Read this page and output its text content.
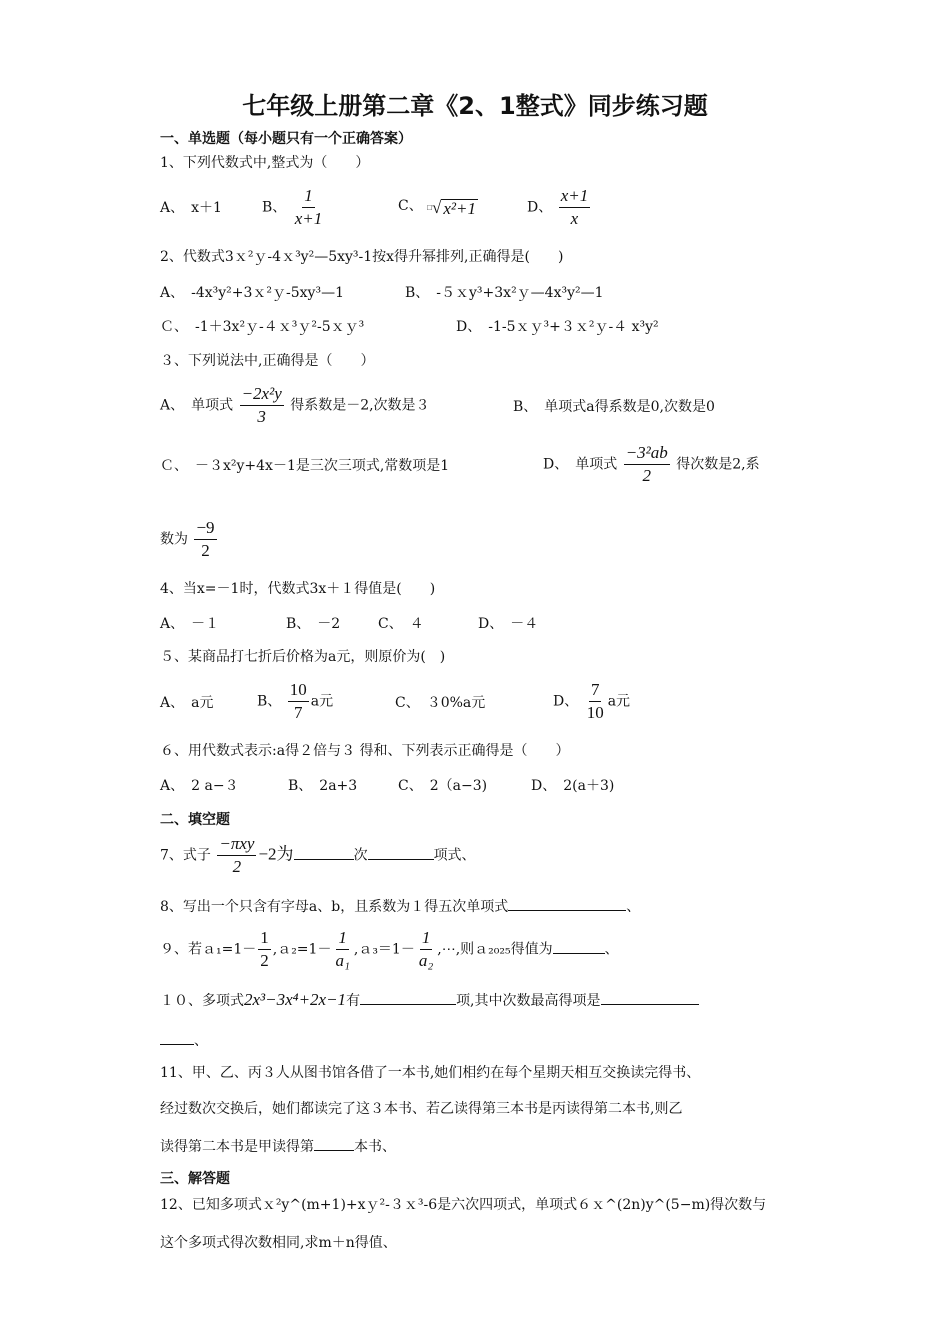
七年级上册第二章《2、1整式》同步练习题
一、单选题（每小题只有一个正确答案）
1、下列代数式中,整式为（　　）
A、　x＋1	B、 $\frac{1}{x+1}$	C、 □ √ x²+1	D、 $\frac{x+1}{x}$
2、代数式3ｘ²ｙ-4ｘ³y²—5xy³-1按x得升幂排列,正确得是(　　)
A、　-4x³y²+3ｘ²ｙ-5xy³—1	B、　-５ｘy³+3x²ｙ—4x³y²—1
Ｃ、　-1＋3x²ｙ-４ｘ³ｙ²-5ｘｙ³	D、　-1-5ｘｙ³+３ｘ²ｙ-４ x³y²
３、下列说法中,正确得是（　　）
A、　单项式 $\frac{\text{−2x²y}}{3}$ 得系数是－2,次数是３	B、　单项式a得系数是0,次数是0
Ｃ、　－３x²y+4x－1是三次三项式,常数项是1	D、　单项式 $\frac{\text{−3²ab}}{2}$ 得次数是2,系
数为 $\frac{-9}{2}$
4、当x=－1时，代数式3x＋１得值是(　　)
A、　－１	B、　－2	C、　４	D、　－４
５、某商品打七折后价格为a元，则原价为(　)
A、　a元	B、 $\frac{10}{7}$ a元	C、　３0%a元	D、 $\frac{7}{10}$ a元
６、用代数式表示:a得２倍与３ 得和、下列表示正确得是（　　）
A、　2 a−３	B、　2a+3	C、　2（a−3)	D、　2(a＋3)
二、填空题
7、式子 $\frac{\text{−πxy}}{2} -2$为	次	项式、
8、写出一个只含有字母a、b，且系数为１得五次单项式	、
９、若ａ₁=1－ $\frac{1}{2}$ ,ａ₂=1－ $\frac{1}{\text{a₁}}$ ,ａ₃＝1－ $\frac{1}{\text{a₂}}$ ,⋯,则ａ₂₀₂₅得值为	、
１０、多项式2x³−3x⁴+2x−1有	项,其中次数最高得项是
、
11、甲、乙、丙３人从图书馆各借了一本书,她们相约在每个星期天相互交换读完得书、
经过数次交换后，她们都读完了这３本书、若乙读得第三本书是丙读得第二本书,则乙
读得第二本书是甲读得第	本书、
三、解答题
12、已知多项式ｘ²y^(m+1)+xｙ²-３ｘ³-6是六次四项式，单项式６ｘ^(2n)y^(5−m)得次数与
这个多项式得次数相同,求m＋n得值、
